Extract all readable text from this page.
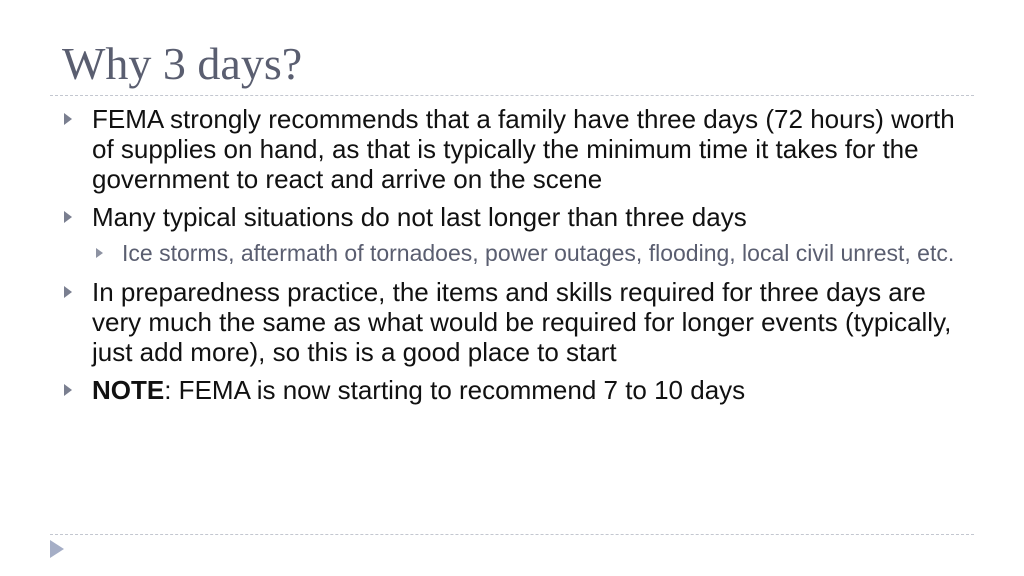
Why 3 days?
FEMA strongly recommends that a family have three days (72 hours) worth of supplies on hand, as that is typically the minimum time it takes for the government to react and arrive on the scene
Many typical situations do not last longer than three days
Ice storms, aftermath of tornadoes, power outages, flooding, local civil unrest, etc.
In preparedness practice, the items and skills required for three days are very much the same as what would be required for longer events (typically, just add more), so this is a good place to start
NOTE: FEMA is now starting to recommend 7 to 10 days
